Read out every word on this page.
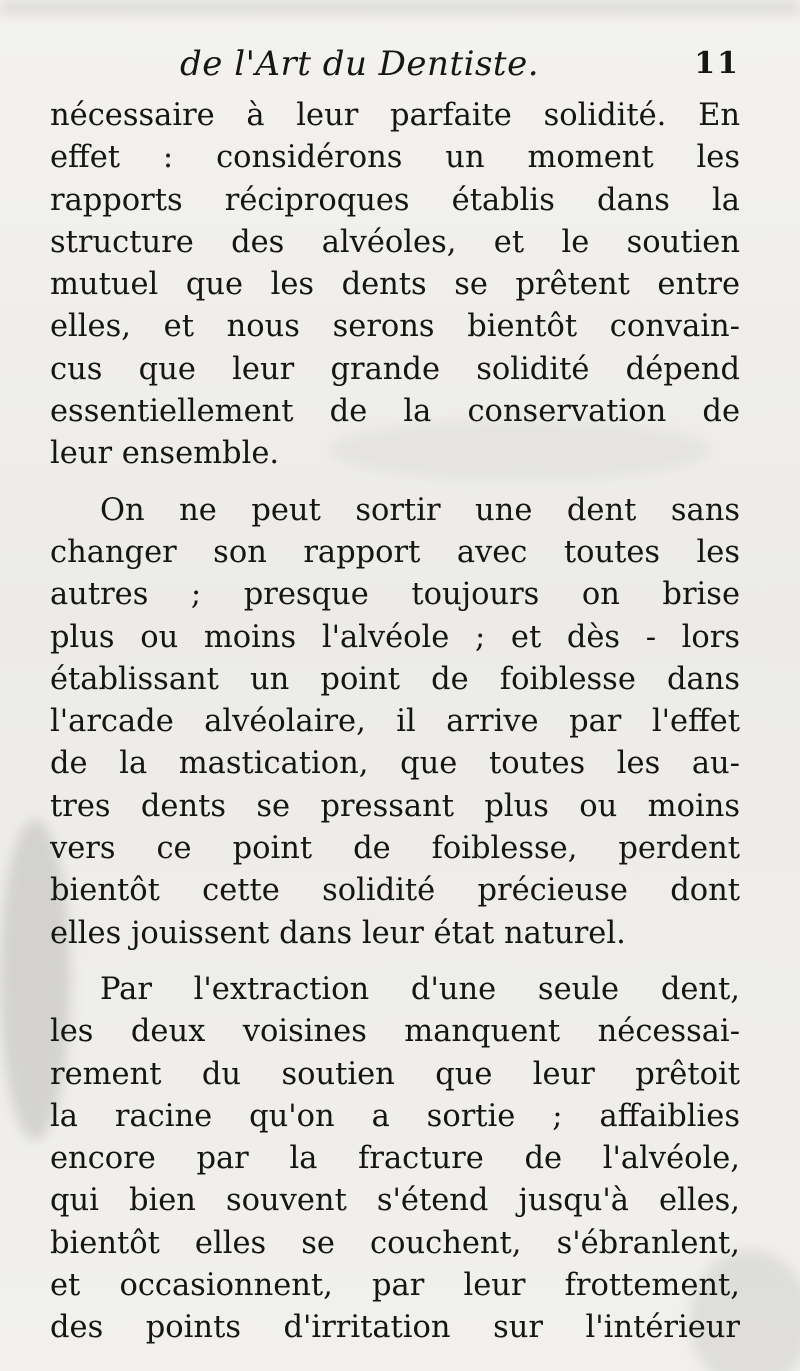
de l'Art du Dentiste.	11
nécessaire à leur parfaite solidité. En
effet : considérons un moment les
rapports réciproques établis dans la
structure des alvéoles, et le soutien
mutuel que les dents se prêtent entre
elles, et nous serons bientôt convain-
cus que leur grande solidité dépend
essentiellement de la conservation de
leur ensemble.
On ne peut sortir une dent sans
changer son rapport avec toutes les
autres ; presque toujours on brise
plus ou moins l'alvéole ; et dès - lors
établissant un point de foiblesse dans
l'arcade alvéolaire, il arrive par l'effet
de la mastication, que toutes les au-
tres dents se pressant plus ou moins
vers ce point de foiblesse, perdent
bientôt cette solidité précieuse dont
elles jouissent dans leur état naturel.
Par l'extraction d'une seule dent,
les deux voisines manquent nécessai-
rement du soutien que leur prêtoit
la racine qu'on a sortie ; affaiblies
encore par la fracture de l'alvéole,
qui bien souvent s'étend jusqu'à elles,
bientôt elles se couchent, s'ébranlent,
et occasionnent, par leur frottement,
des points d'irritation sur l'intérieur
